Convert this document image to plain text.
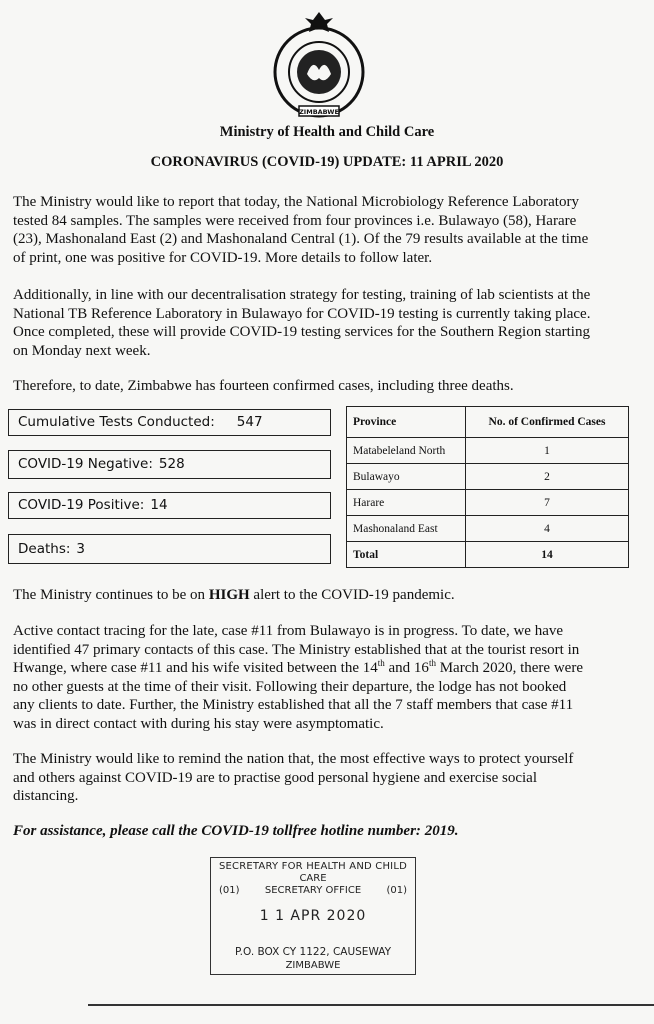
ZIMBABWE
Ministry of Health and Child Care
CORONAVIRUS (COVID-19) UPDATE: 11 APRIL 2020

The Ministry would like to report that today, the National Microbiology Reference Laboratory
tested 84 samples. The samples were received from four provinces i.e. Bulawayo (58), Harare
(23), Mashonaland East (2) and Mashonaland Central (1). Of the 79 results available at the time
of print, one was positive for COVID-19. More details to follow later.

Additionally, in line with our decentralisation strategy for testing, training of lab scientists at the
National TB Reference Laboratory in Bulawayo for COVID-19 testing is currently taking place.
Once completed, these will provide COVID-19 testing services for the Southern Region starting
on Monday next week.

Therefore, to date, Zimbabwe has fourteen confirmed cases, including three deaths.

Cumulative Tests Conducted: 547
COVID-19 Negative: 528
COVID-19 Positive: 14
Deaths: 3
Province	No. of Confirmed Cases
Matabeleland North	1
Bulawayo	2
Harare	7
Mashonaland East	4
Total	14

The Ministry continues to be on HIGH alert to the COVID-19 pandemic.

Active contact tracing for the late, case #11 from Bulawayo is in progress. To date, we have
identified 47 primary contacts of this case. The Ministry established that at the tourist resort in
Hwange, where case #11 and his wife visited between the 14th and 16th March 2020, there were
no other guests at the time of their visit. Following their departure, the lodge has not booked
any clients to date. Further, the Ministry established that all the 7 staff members that case #11
was in direct contact with during his stay were asymptomatic.

The Ministry would like to remind the nation that, the most effective ways to protect yourself
and others against COVID-19 are to practise good personal hygiene and exercise social
distancing.

For assistance, please call the COVID-19 tollfree hotline number: 2019.
SECRETARY FOR HEALTH AND CHILD
CARE
(01)	SECRETARY OFFICE	(01)
1 1 APR 2020
P.O. BOX CY 1122, CAUSEWAY
ZIMBABWE
